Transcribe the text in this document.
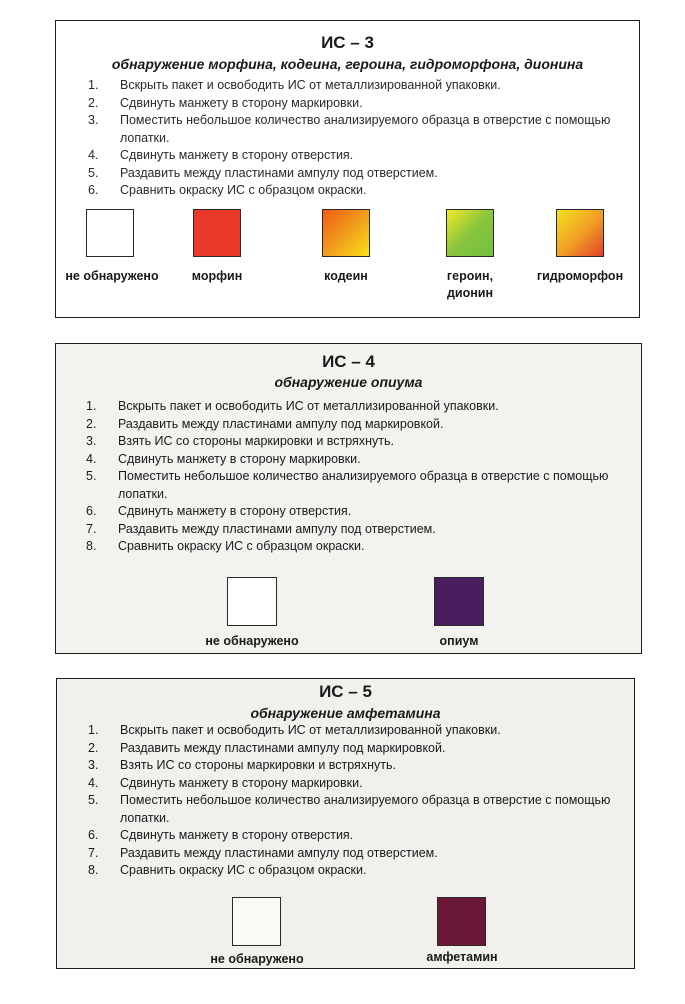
ИС – 3

обнаружение морфина, кодеина, героина, гидроморфона, дионина

1. Вскрыть пакет и освободить ИС от металлизированной упаковки.
2. Сдвинуть манжету в сторону маркировки.
3. Поместить небольшое количество анализируемого образца в отверстие с помощью лопатки.
4. Сдвинуть манжету в сторону отверстия.
5. Раздавить между пластинами ампулу под отверстием.
6. Сравнить окраску ИС с образцом окраски.
не обнаружено	морфин	кодеин	героин,
дионин
гидроморфон
ИС – 4

обнаружение опиума

1. Вскрыть пакет и освободить ИС от металлизированной упаковки.
2. Раздавить между пластинами ампулу под маркировкой.
3. Взять ИС со стороны маркировки и встряхнуть.
4. Сдвинуть манжету в сторону маркировки.
5. Поместить небольшое количество анализируемого образца в отверстие с помощью лопатки.
6. Сдвинуть манжету в сторону отверстия.
7. Раздавить между пластинами ампулу под отверстием.
8. Сравнить окраску ИС с образцом окраски.
не обнаружено	опиум
ИС – 5

обнаружение амфетамина

1. Вскрыть пакет и освободить ИС от металлизированной упаковки.
2. Раздавить между пластинами ампулу под маркировкой.
3. Взять ИС со стороны маркировки и встряхнуть.
4. Сдвинуть манжету в сторону маркировки.
5. Поместить небольшое количество анализируемого образца в отверстие с помощью лопатки.
6. Сдвинуть манжету в сторону отверстия.
7. Раздавить между пластинами ампулу под отверстием.
8. Сравнить окраску ИС с образцом окраски.
не обнаружено	амфетамин
